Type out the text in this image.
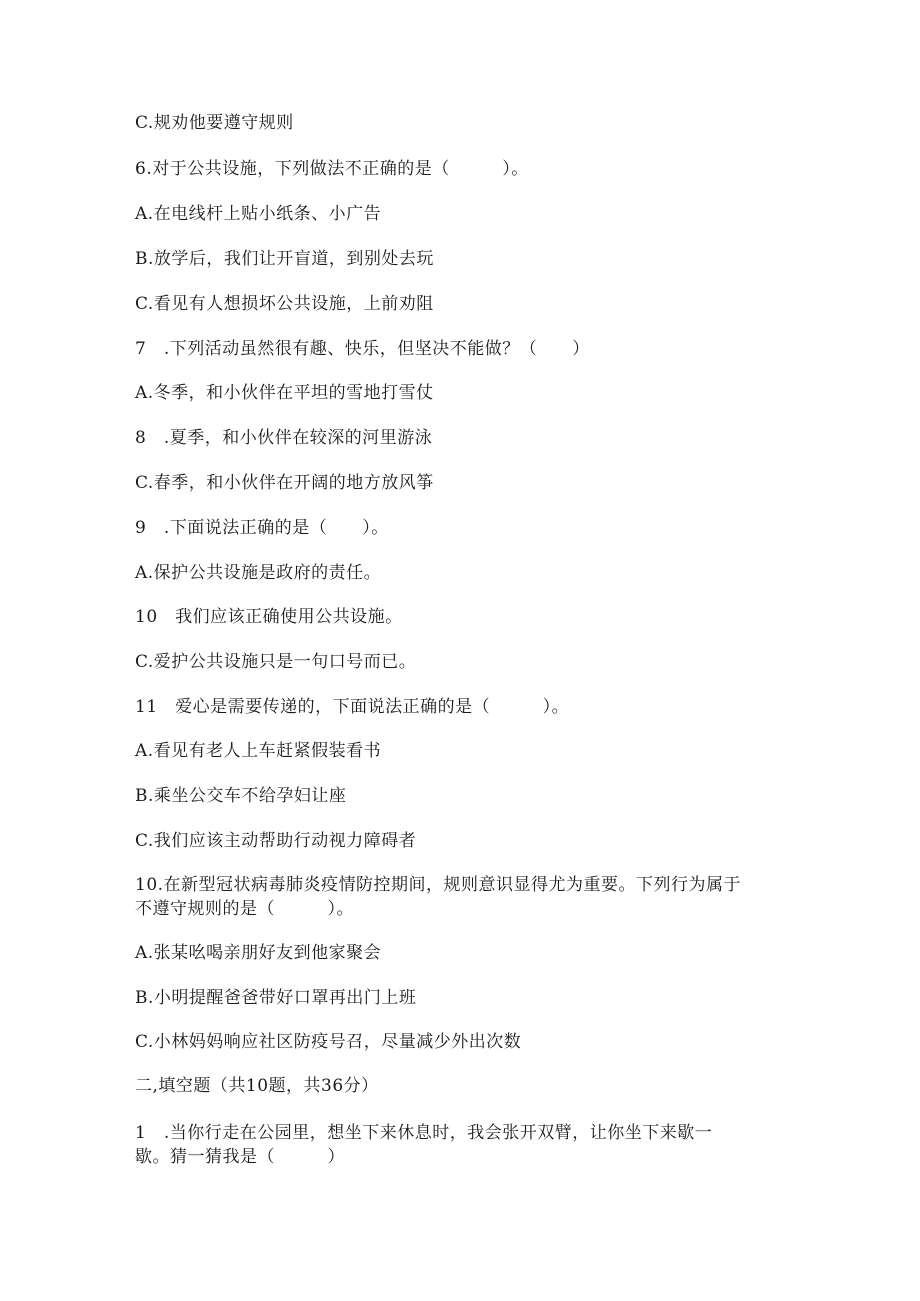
C.规劝他要遵守规则
6.对于公共设施，下列做法不正确的是（　　　）。
A.在电线杆上贴小纸条、小广告
B.放学后，我们让开盲道，到别处去玩
C.看见有人想损坏公共设施，上前劝阻
7　.下列活动虽然很有趣、快乐，但坚决不能做？（　　）
A.冬季，和小伙伴在平坦的雪地打雪仗
8　.夏季，和小伙伴在较深的河里游泳
C.春季，和小伙伴在开阔的地方放风筝
9　.下面说法正确的是（　　）。
A.保护公共设施是政府的责任。
10　我们应该正确使用公共设施。
C.爱护公共设施只是一句口号而已。
11　爱心是需要传递的，下面说法正确的是（　　　）。
A.看见有老人上车赶紧假装看书
B.乘坐公交车不给孕妇让座
C.我们应该主动帮助行动视力障碍者
10.在新型冠状病毒肺炎疫情防控期间，规则意识显得尤为重要。下列行为属于
不遵守规则的是（　　　）。
A.张某吆喝亲朋好友到他家聚会
B.小明提醒爸爸带好口罩再出门上班
C.小林妈妈响应社区防疫号召，尽量减少外出次数
二,填空题（共10题，共36分）
1　.当你行走在公园里，想坐下来休息时，我会张开双臂，让你坐下来歇一
歇。猜一猜我是（　　　）
